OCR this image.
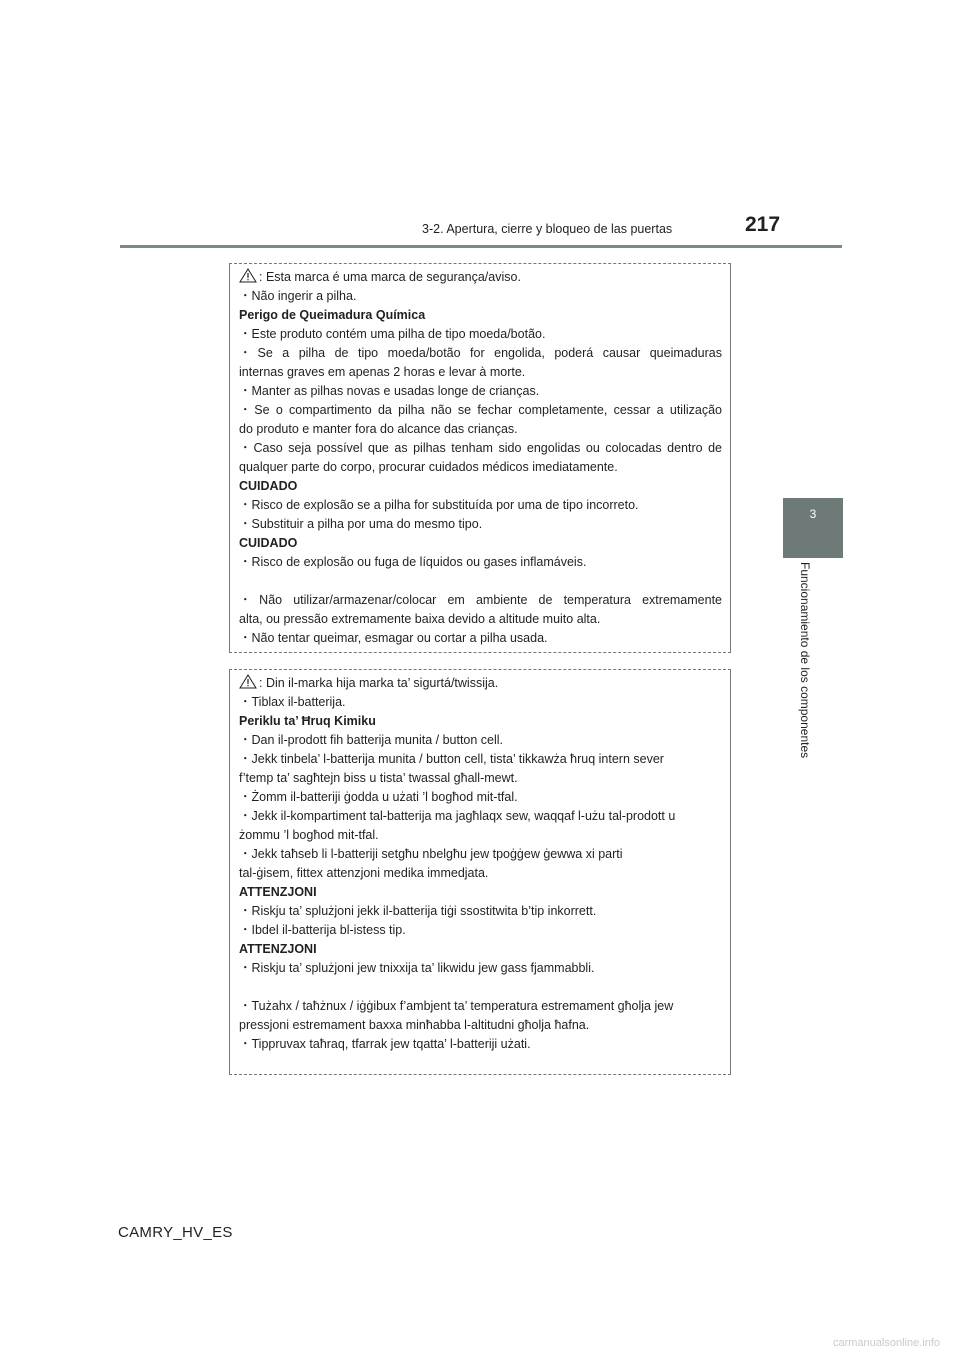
3-2. Apertura, cierre y bloqueo de las puertas	217
3
Funcionamiento de los componentes
: Esta marca é uma marca de segurança/aviso.
・Não ingerir a pilha.
Perigo de Queimadura Química
・Este produto contém uma pilha de tipo moeda/botão.
・Se a pilha de tipo moeda/botão for engolida, poderá causar queimaduras
internas graves em apenas 2 horas e levar à morte.
・Manter as pilhas novas e usadas longe de crianças.
・Se o compartimento da pilha não se fechar completamente, cessar a utilização
do produto e manter fora do alcance das crianças.
・Caso seja possível que as pilhas tenham sido engolidas ou colocadas dentro de
qualquer parte do corpo, procurar cuidados médicos imediatamente.
CUIDADO
・Risco de explosão se a pilha for substituída por uma de tipo incorreto.
・Substituir a pilha por uma do mesmo tipo.
CUIDADO
・Risco de explosão ou fuga de líquidos ou gases inflamáveis.
・Não utilizar/armazenar/colocar em ambiente de temperatura extremamente
alta, ou pressão extremamente baixa devido a altitude muito alta.
・Não tentar queimar, esmagar ou cortar a pilha usada.
: Din il-marka hija marka ta’ sigurtá/twissija.
・Tiblax il-batterija.
Periklu ta’ Ħruq Kimiku
・Dan il-prodott fih batterija munita / button cell.
・Jekk tinbela’ l-batterija munita / button cell, tista’ tikkawża ħruq intern sever
f’temp ta’ sagħtejn biss u tista’ twassal għall-mewt.
・Żomm il-batteriji ġodda u użati ’l bogħod mit-tfal.
・Jekk il-kompartiment tal-batterija ma jagħlaqx sew, waqqaf l-użu tal-prodott u
żommu ’l bogħod mit-tfal.
・Jekk taħseb li l-batteriji setgħu nbelgħu jew tpoġġew ġewwa xi parti
tal-ġisem, fittex attenzjoni medika immedjata.
ATTENZJONI
・Riskju ta’ splużjoni jekk il-batterija tiġi ssostitwita b’tip inkorrett.
・Ibdel il-batterija bl-istess tip.
ATTENZJONI
・Riskju ta’ splużjoni jew tnixxija ta’ likwidu jew gass fjammabbli.
・Tużahx / taħżnux / iġġibux f’ambjent ta’ temperatura estremament għolja jew
pressjoni estremament baxxa minħabba l-altitudni għolja ħafna.
・Tippruvax taħraq, tfarrak jew tqatta’ l-batteriji użati.
CAMRY_HV_ES
carmanualsonline.info
